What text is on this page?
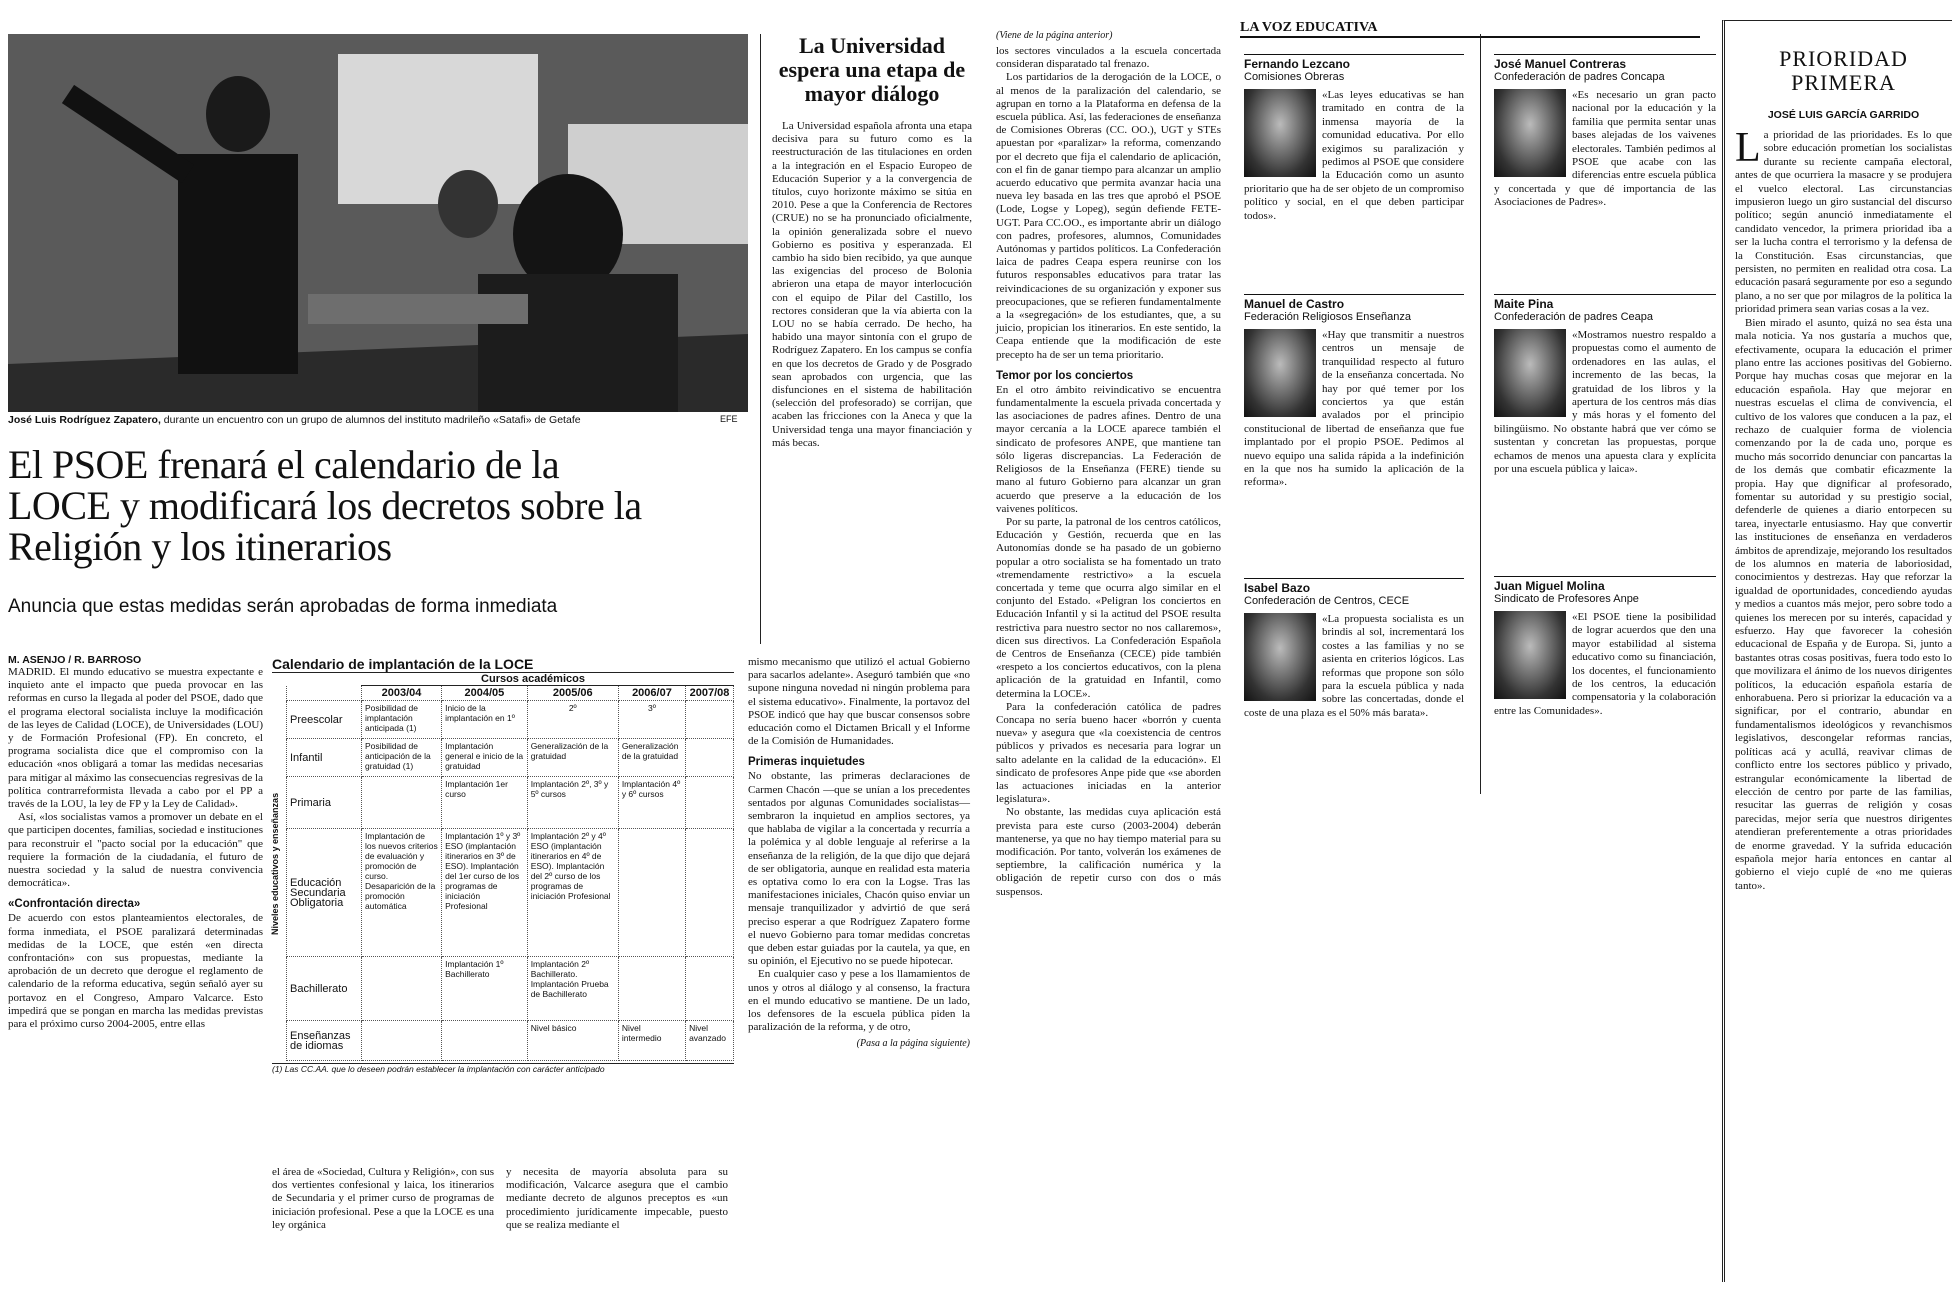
José Luis Rodríguez Zapatero, durante un encuentro con un grupo de alumnos del instituto madrileño «Satafi» de Getafe	EFE
El PSOE frenará el calendario de la LOCE y modificará los decretos sobre la Religión y los itinerarios
Anuncia que estas medidas serán aprobadas de forma inmediata
M. ASENJO / R. BARROSO

MADRID. El mundo educativo se muestra expectante e inquieto ante el impacto que pueda provocar en las reformas en curso la llegada al poder del PSOE, dado que el programa electoral socialista incluye la modificación de las leyes de Calidad (LOCE), de Universidades (LOU) y de Formación Profesional (FP). En concreto, el programa socialista dice que el compromiso con la educación «nos obligará a tomar las medidas necesarias para mitigar al máximo las consecuencias regresivas de la política contrarreformista llevada a cabo por el PP a través de la LOU, la ley de FP y la Ley de Calidad».

Así, «los socialistas vamos a promover un debate en el que participen docentes, familias, sociedad e instituciones para reconstruir el "pacto social por la educación" que requiere la formación de la ciudadanía, el futuro de nuestra sociedad y la salud de nuestra convivencia democrática».

«Confrontación directa»

De acuerdo con estos planteamientos electorales, de forma inmediata, el PSOE paralizará determinadas medidas de la LOCE, que estén «en directa confrontación» con sus propuestas, mediante la aprobación de un decreto que derogue el reglamento de calendario de la reforma educativa, según señaló ayer su portavoz en el Congreso, Amparo Valcarce. Esto impedirá que se pongan en marcha las medidas previstas para el próximo curso 2004-2005, entre ellas

Calendario de implantación de la LOCE
Cursos académicos
Niveles educativos y enseñanzas
	2003/04	2004/05	2005/06	2006/07	2007/08
Preescolar	Posibilidad de implantación anticipada (1)	Inicio de la implantación en 1º	2º	3º	
Infantil	Posibilidad de anticipación de la gratuidad (1)	Implantación general e inicio de la gratuidad	Generalización de la gratuidad	Generalización de la gratuidad	
Primaria		Implantación 1er curso	Implantación 2º, 3º y 5º cursos	Implantación 4º y 6º cursos	
Educación Secundaria Obligatoria	Implantación de los nuevos criterios de evaluación y promoción de curso. Desaparición de la promoción automática	Implantación 1º y 3º ESO (implantación itinerarios en 3º de ESO). Implantación del 1er curso de los programas de iniciación Profesional	Implantación 2º y 4º ESO (implantación itinerarios en 4º de ESO). Implantación del 2º curso de los programas de iniciación Profesional		
Bachillerato		Implantación 1º Bachillerato	Implantación 2º Bachillerato. Implantación Prueba de Bachillerato		
Enseñanzas de idiomas			Nivel básico	Nivel intermedio	Nivel avanzado
(1) Las CC.AA. que lo deseen podrán establecer la implantación con carácter anticipado
el área de «Sociedad, Cultura y Religión», con sus dos vertientes confesional y laica, los itinerarios de Secundaria y el primer curso de programas de iniciación profesional. Pese a que la LOCE es una ley orgánica
y necesita de mayoría absoluta para su modificación, Valcarce asegura que el cambio mediante decreto de algunos preceptos es «un procedimiento jurídicamente impecable, puesto que se realiza mediante el
mismo mecanismo que utilizó el actual Gobierno para sacarlos adelante». Aseguró también que «no supone ninguna novedad ni ningún problema para el sistema educativo». Finalmente, la portavoz del PSOE indicó que hay que buscar consensos sobre educación como el Dictamen Bricall y el Informe de la Comisión de Humanidades.
Primeras inquietudes

No obstante, las primeras declaraciones de Carmen Chacón —que se unían a los precedentes sentados por algunas Comunidades socialistas— sembraron la inquietud en amplios sectores, ya que hablaba de vigilar a la concertada y recurría a la polémica y al doble lenguaje al referirse a la enseñanza de la religión, de la que dijo que dejará de ser obligatoria, aunque en realidad esta materia es optativa como lo era con la Logse. Tras las manifestaciones iniciales, Chacón quiso enviar un mensaje tranquilizador y advirtió de que será preciso esperar a que Rodríguez Zapatero forme el nuevo Gobierno para tomar medidas concretas que deben estar guiadas por la cautela, ya que, en su opinión, el Ejecutivo no se puede hipotecar.

En cualquier caso y pese a los llamamientos de unos y otros al diálogo y al consenso, la fractura en el mundo educativo se mantiene. De un lado, los defensores de la escuela pública piden la paralización de la reforma, y de otro,

(Pasa a la página siguiente)
La Universidad espera una etapa de mayor diálogo
La Universidad española afronta una etapa decisiva para su futuro como es la reestructuración de las titulaciones en orden a la integración en el Espacio Europeo de Educación Superior y a la convergencia de títulos, cuyo horizonte máximo se sitúa en 2010. Pese a que la Conferencia de Rectores (CRUE) no se ha pronunciado oficialmente, la opinión generalizada sobre el nuevo Gobierno es positiva y esperanzada. El cambio ha sido bien recibido, ya que aunque las exigencias del proceso de Bolonia abrieron una etapa de mayor interlocución con el equipo de Pilar del Castillo, los rectores consideran que la vía abierta con la LOU no se había cerrado. De hecho, ha habido una mayor sintonía con el grupo de Rodríguez Zapatero. En los campus se confía en que los decretos de Grado y de Posgrado sean aprobados con urgencia, que las disfunciones en el sistema de habilitación (selección del profesorado) se corrijan, que acaben las fricciones con la Aneca y que la Universidad tenga una mayor financiación y más becas.
(Viene de la página anterior)

los sectores vinculados a la escuela concertada consideran disparatado tal frenazo.

Los partidarios de la derogación de la LOCE, o al menos de la paralización del calendario, se agrupan en torno a la Plataforma en defensa de la escuela pública. Así, las federaciones de enseñanza de Comisiones Obreras (CC. OO.), UGT y STEs apuestan por «paralizar» la reforma, comenzando por el decreto que fija el calendario de aplicación, con el fin de ganar tiempo para alcanzar un amplio acuerdo educativo que permita avanzar hacia una nueva ley basada en las tres que aprobó el PSOE (Lode, Logse y Lopeg), según defiende FETE-UGT. Para CC.OO., es importante abrir un diálogo con padres, profesores, alumnos, Comunidades Autónomas y partidos políticos. La Confederación laica de padres Ceapa espera reunirse con los futuros responsables educativos para tratar las reivindicaciones de su organización y exponer sus preocupaciones, que se refieren fundamentalmente a la «segregación» de los estudiantes, que, a su juicio, propician los itinerarios. En este sentido, la Ceapa entiende que la modificación de este precepto ha de ser un tema prioritario.

Temor por los conciertos

En el otro ámbito reivindicativo se encuentra fundamentalmente la escuela privada concertada y las asociaciones de padres afines. Dentro de una mayor cercanía a la LOCE aparece también el sindicato de profesores ANPE, que mantiene tan sólo ligeras discrepancias. La Federación de Religiosos de la Enseñanza (FERE) tiende su mano al futuro Gobierno para alcanzar un gran acuerdo que preserve a la educación de los vaivenes políticos.

Por su parte, la patronal de los centros católicos, Educación y Gestión, recuerda que en las Autonomías donde se ha pasado de un gobierno popular a otro socialista se ha fomentado un trato «tremendamente restrictivo» a la escuela concertada y teme que ocurra algo similar en el conjunto del Estado. «Peligran los conciertos en Educación Infantil y si la actitud del PSOE resulta restrictiva para nuestro sector no nos callaremos», dicen sus directivos. La Confederación Española de Centros de Enseñanza (CECE) pide también «respeto a los conciertos educativos, con la plena aplicación de la gratuidad en Infantil, como determina la LOCE».

Para la confederación católica de padres Concapa no sería bueno hacer «borrón y cuenta nueva» y asegura que «la coexistencia de centros públicos y privados es necesaria para lograr un salto adelante en la calidad de la educación». El sindicato de profesores Anpe pide que «se aborden las actuaciones iniciadas en la anterior legislatura».

No obstante, las medidas cuya aplicación está prevista para este curso (2003-2004) deberán mantenerse, ya que no hay tiempo material para su modificación. Por tanto, volverán los exámenes de septiembre, la calificación numérica y la obligación de repetir curso con dos o más suspensos.

LA VOZ EDUCATIVA
Fernando Lezcano
Comisiones Obreras
«Las leyes educativas se han tramitado en contra de la inmensa mayoría de la comunidad educativa. Por ello exigimos su paralización y pedimos al PSOE que considere la Educación como un asunto prioritario que ha de ser objeto de un compromiso político y social, en el que deben participar todos».
Manuel de Castro
Federación Religiosos Enseñanza
«Hay que transmitir a nuestros centros un mensaje de tranquilidad respecto al futuro de la enseñanza concertada. No hay por qué temer por los conciertos ya que están avalados por el principio constitucional de libertad de enseñanza que fue implantado por el propio PSOE. Pedimos al nuevo equipo una salida rápida a la indefinición en la que nos ha sumido la aplicación de la reforma».
Isabel Bazo
Confederación de Centros, CECE
«La propuesta socialista es un brindis al sol, incrementará los costes a las familias y no se asienta en criterios lógicos. Las reformas que propone son sólo para la escuela pública y nada sobre las concertadas, donde el coste de una plaza es el 50% más barata».
José Manuel Contreras
Confederación de padres Concapa
«Es necesario un gran pacto nacional por la educación y la familia que permita sentar unas bases alejadas de los vaivenes electorales. También pedimos al PSOE que acabe con las diferencias entre escuela pública y concertada y que dé importancia de las Asociaciones de Padres».
Maite Pina
Confederación de padres Ceapa
«Mostramos nuestro respaldo a propuestas como el aumento de ordenadores en las aulas, el incremento de las becas, la gratuidad de los libros y la apertura de los centros más días y más horas y el fomento del bilingüismo. No obstante habrá que ver cómo se sustentan y concretan las propuestas, porque echamos de menos una apuesta clara y explícita por una escuela pública y laica».
Juan Miguel Molina
Sindicato de Profesores Anpe
«El PSOE tiene la posibilidad de lograr acuerdos que den una mayor estabilidad al sistema educativo como su financiación, los docentes, el funcionamiento de los centros, la educación compensatoria y la colaboración entre las Comunidades».
PRIORIDAD PRIMERA
JOSÉ LUIS GARCÍA GARRIDO
La prioridad de las prioridades. Es lo que sobre educación prometían los socialistas durante su reciente campaña electoral, antes de que ocurriera la masacre y se produjera el vuelco electoral. Las circunstancias impusieron luego un giro sustancial del discurso político; según anunció inmediatamente el candidato vencedor, la primera prioridad iba a ser la lucha contra el terrorismo y la defensa de la Constitución. Esas circunstancias, que persisten, no permiten en realidad otra cosa. La educación pasará seguramente por eso a segundo plano, a no ser que por milagros de la política la prioridad primera sean varias cosas a la vez.

Bien mirado el asunto, quizá no sea ésta una mala noticia. Ya nos gustaría a muchos que, efectivamente, ocupara la educación el primer plano entre las acciones positivas del Gobierno. Porque hay muchas cosas que mejorar en la educación española. Hay que mejorar en nuestras escuelas el clima de convivencia, el cultivo de los valores que conducen a la paz, el rechazo de cualquier forma de violencia comenzando por la de cada uno, porque es mucho más socorrido denunciar con pancartas la de los demás que combatir eficazmente la propia. Hay que dignificar al profesorado, fomentar su autoridad y su prestigio social, defenderle de quienes a diario entorpecen su tarea, inyectarle entusiasmo. Hay que convertir las instituciones de enseñanza en verdaderos ámbitos de aprendizaje, mejorando los resultados de los alumnos en materia de laboriosidad, conocimientos y destrezas. Hay que reforzar la igualdad de oportunidades, concediendo ayudas y medios a cuantos más mejor, pero sobre todo a quienes los merecen por su interés, capacidad y esfuerzo. Hay que favorecer la cohesión educacional de España y de Europa. Si, junto a bastantes otras cosas positivas, fuera todo esto lo que movilizara el ánimo de los nuevos dirigentes políticos, la educación española estaría de enhorabuena. Pero si priorizar la educación va a significar, por el contrario, abundar en fundamentalismos ideológicos y revanchismos legislativos, descongelar reformas rancias, políticas acá y acullá, reavivar climas de conflicto entre los sectores público y privado, estrangular económicamente la libertad de elección de centro por parte de las familias, resucitar las guerras de religión y cosas parecidas, mejor sería que nuestros dirigentes atendieran preferentemente a otras prioridades de enorme gravedad. Y la sufrida educación española mejor haría entonces en cantar al gobierno el viejo cuplé de «no me quieras tanto».
